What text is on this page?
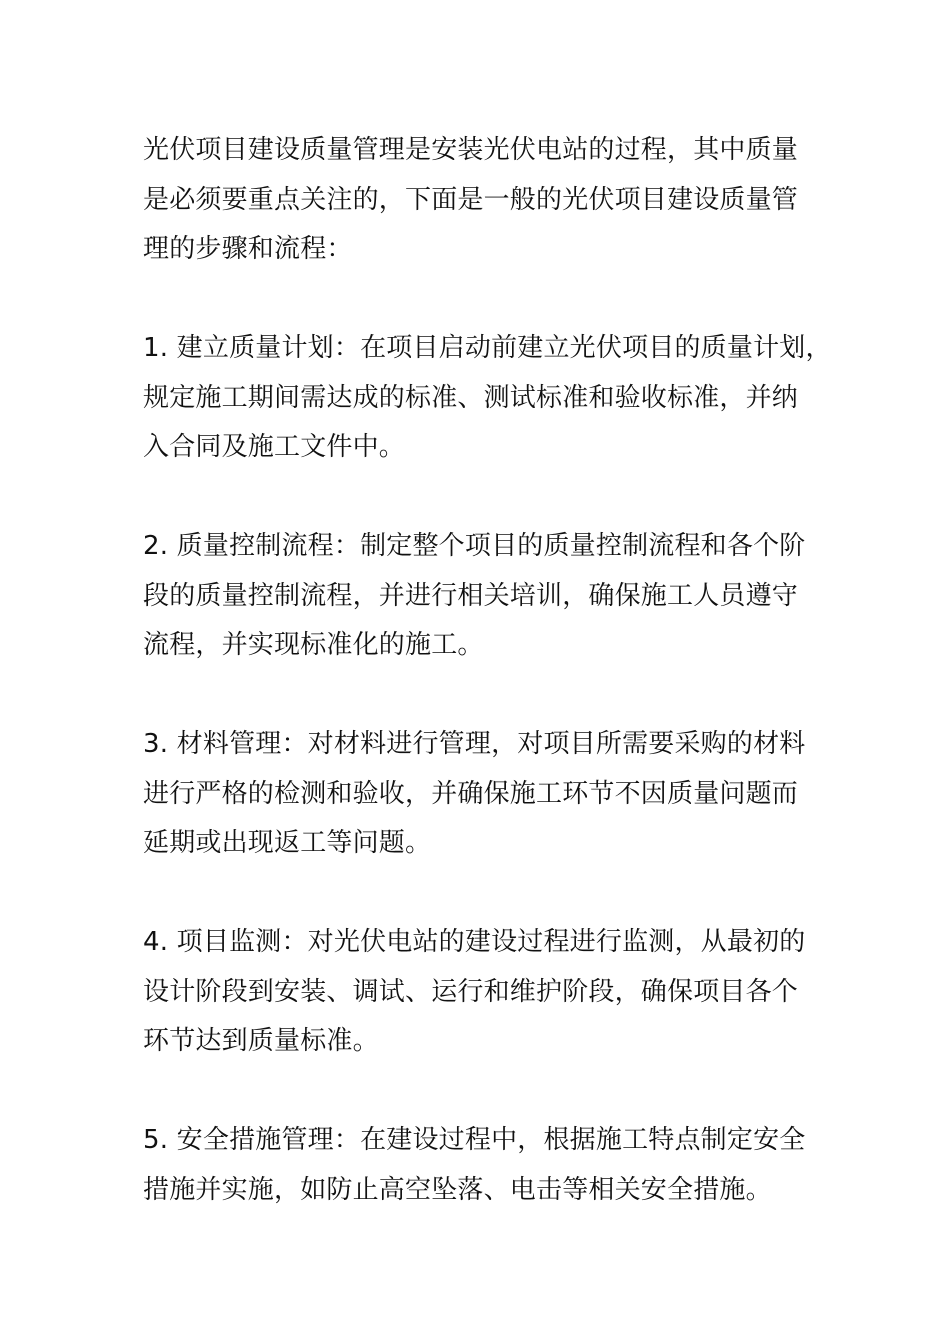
光伏项目建设质量管理是安装光伏电站的过程，其中质量
是必须要重点关注的，下面是一般的光伏项目建设质量管
理的步骤和流程：

1. 建立质量计划：在项目启动前建立光伏项目的质量计划，
规定施工期间需达成的标准、测试标准和验收标准，并纳
入合同及施工文件中。

2. 质量控制流程：制定整个项目的质量控制流程和各个阶
段的质量控制流程，并进行相关培训，确保施工人员遵守
流程，并实现标准化的施工。

3. 材料管理：对材料进行管理，对项目所需要采购的材料
进行严格的检测和验收，并确保施工环节不因质量问题而
延期或出现返工等问题。

4. 项目监测：对光伏电站的建设过程进行监测，从最初的
设计阶段到安装、调试、运行和维护阶段，确保项目各个
环节达到质量标准。

5. 安全措施管理：在建设过程中，根据施工特点制定安全
措施并实施，如防止高空坠落、电击等相关安全措施。
